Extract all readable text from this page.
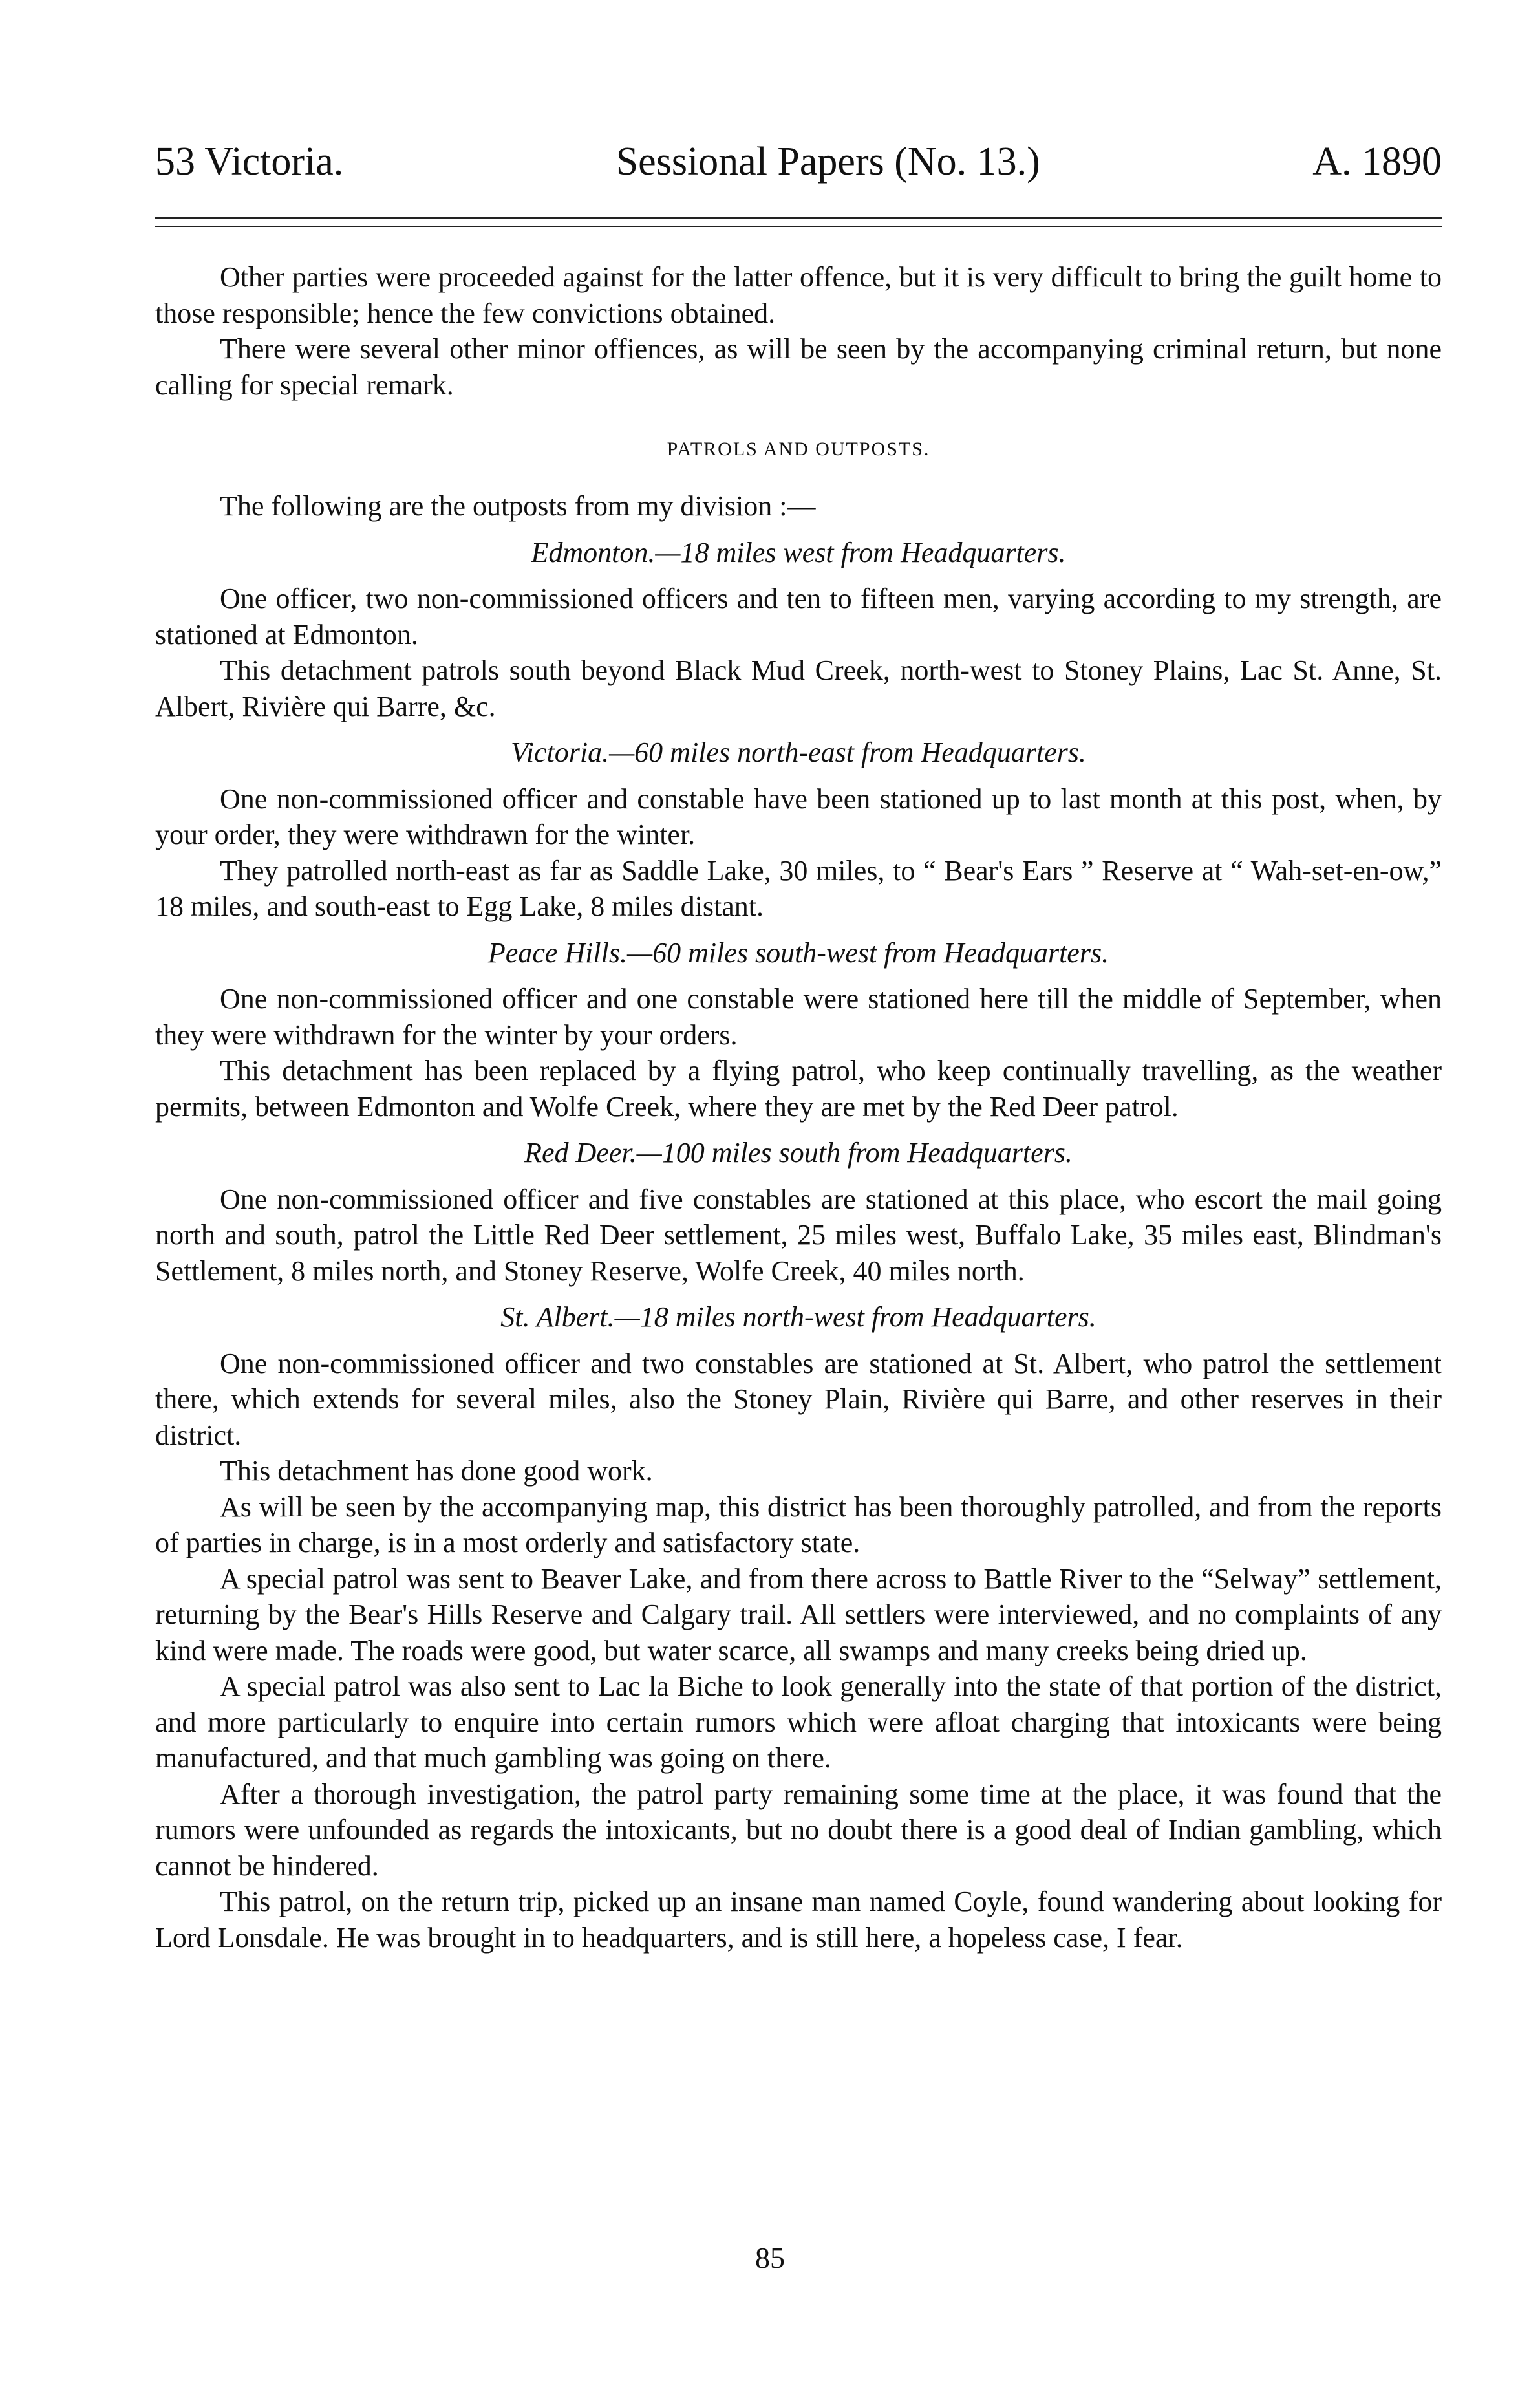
53 Victoria.	Sessional Papers (No. 13.)	A. 1890

Other parties were proceeded against for the latter offence, but it is very difficult to bring the guilt home to those responsible; hence the few convictions obtained.

There were several other minor offiences, as will be seen by the accompanying criminal return, but none calling for special remark.

PATROLS AND OUTPOSTS.

The following are the outposts from my division :—

Edmonton.—18 miles west from Headquarters.

One officer, two non-commissioned officers and ten to fifteen men, varying according to my strength, are stationed at Edmonton.

This detachment patrols south beyond Black Mud Creek, north-west to Stoney Plains, Lac St. Anne, St. Albert, Rivière qui Barre, &c.

Victoria.—60 miles north-east from Headquarters.

One non-commissioned officer and constable have been stationed up to last month at this post, when, by your order, they were withdrawn for the winter.

They patrolled north-east as far as Saddle Lake, 30 miles, to “ Bear's Ears ” Reserve at “ Wah-set-en-ow,” 18 miles, and south-east to Egg Lake, 8 miles distant.

Peace Hills.—60 miles south-west from Headquarters.

One non-commissioned officer and one constable were stationed here till the middle of September, when they were withdrawn for the winter by your orders.

This detachment has been replaced by a flying patrol, who keep continually travelling, as the weather permits, between Edmonton and Wolfe Creek, where they are met by the Red Deer patrol.

Red Deer.—100 miles south from Headquarters.

One non-commissioned officer and five constables are stationed at this place, who escort the mail going north and south, patrol the Little Red Deer settlement, 25 miles west, Buffalo Lake, 35 miles east, Blindman's Settlement, 8 miles north, and Stoney Reserve, Wolfe Creek, 40 miles north.

St. Albert.—18 miles north-west from Headquarters.

One non-commissioned officer and two constables are stationed at St. Albert, who patrol the settlement there, which extends for several miles, also the Stoney Plain, Rivière qui Barre, and other reserves in their district.

This detachment has done good work.

As will be seen by the accompanying map, this district has been thoroughly patrolled, and from the reports of parties in charge, is in a most orderly and satisfactory state.

A special patrol was sent to Beaver Lake, and from there across to Battle River to the “Selway” settlement, returning by the Bear's Hills Reserve and Calgary trail. All settlers were interviewed, and no complaints of any kind were made. The roads were good, but water scarce, all swamps and many creeks being dried up.

A special patrol was also sent to Lac la Biche to look generally into the state of that portion of the district, and more particularly to enquire into certain rumors which were afloat charging that intoxicants were being manufactured, and that much gambling was going on there.

After a thorough investigation, the patrol party remaining some time at the place, it was found that the rumors were unfounded as regards the intoxicants, but no doubt there is a good deal of Indian gambling, which cannot be hindered.

This patrol, on the return trip, picked up an insane man named Coyle, found wandering about looking for Lord Lonsdale. He was brought in to headquarters, and is still here, a hopeless case, I fear.

85
